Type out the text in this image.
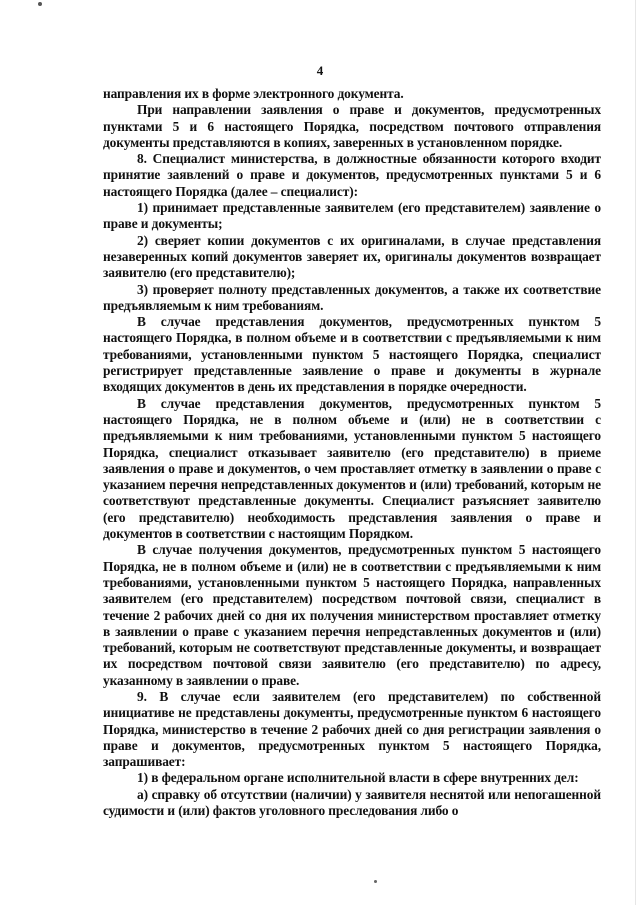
4

направления их в форме электронного документа.

При направлении заявления о праве и документов, предусмотренных пунктами 5 и 6 настоящего Порядка, посредством почтового отправления документы представляются в копиях, заверенных в установленном порядке.

8. Специалист министерства, в должностные обязанности которого входит принятие заявлений о праве и документов, предусмотренных пунктами 5 и 6 настоящего Порядка (далее – специалист):

1) принимает представленные заявителем (его представителем) заявление о праве и документы;

2) сверяет копии документов с их оригиналами, в случае представления незаверенных копий документов заверяет их, оригиналы документов возвращает заявителю (его представителю);

3) проверяет полноту представленных документов, а также их соответствие предъявляемым к ним требованиям.

В случае представления документов, предусмотренных пунктом 5 настоящего Порядка, в полном объеме и в соответствии с предъявляемыми к ним требованиями, установленными пунктом 5 настоящего Порядка, специалист регистрирует представленные заявление о праве и документы в журнале входящих документов в день их представления в порядке очередности.

В случае представления документов, предусмотренных пунктом 5 настоящего Порядка, не в полном объеме и (или) не в соответствии с предъявляемыми к ним требованиями, установленными пунктом 5 настоящего Порядка, специалист отказывает заявителю (его представителю) в приеме заявления о праве и документов, о чем проставляет отметку в заявлении о праве с указанием перечня непредставленных документов и (или) требований, которым не соответствуют представленные документы. Специалист разъясняет заявителю (его представителю) необходимость представления заявления о праве и документов в соответствии с настоящим Порядком.

В случае получения документов, предусмотренных пунктом 5 настоящего Порядка, не в полном объеме и (или) не в соответствии с предъявляемыми к ним требованиями, установленными пунктом 5 настоящего Порядка, направленных заявителем (его представителем) посредством почтовой связи, специалист в течение 2 рабочих дней со дня их получения министерством проставляет отметку в заявлении о праве с указанием перечня непредставленных документов и (или) требований, которым не соответствуют представленные документы, и возвращает их посредством почтовой связи заявителю (его представителю) по адресу, указанному в заявлении о праве.

9. В случае если заявителем (его представителем) по собственной инициативе не представлены документы, предусмотренные пунктом 6 настоящего Порядка, министерство в течение 2 рабочих дней со дня регистрации заявления о праве и документов, предусмотренных пунктом 5 настоящего Порядка, запрашивает:

1) в федеральном органе исполнительной власти в сфере внутренних дел:

а) справку об отсутствии (наличии) у заявителя неснятой или непогашенной судимости и (или) фактов уголовного преследования либо о
